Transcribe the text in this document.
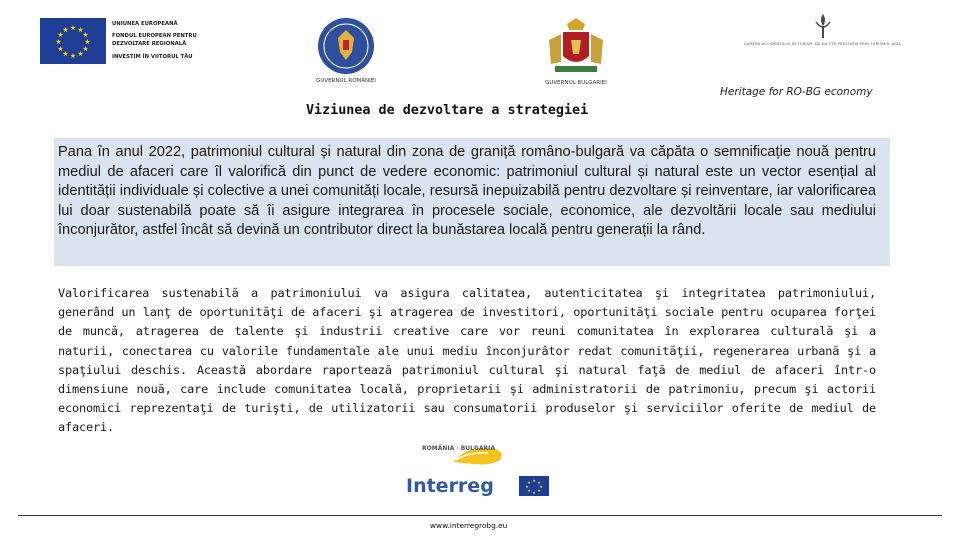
★ ★
★
★
★
★
★
★
★
★
★
★
UNIUNEA EUROPEANĂ
FONDUL EUROPEAN PENTRU
DEZVOLTARE REGIONALĂ
INVESTIM ÎN VIITORUL TĂU
GUVERNUL ROMÂNIEI	GUVERNUL BULGARIEI
CAMERA ACCIDENTULUI ÎN TURISM, DE NA STĂ PRESTAȚIA PRIN TURISMUL ARIA
Heritage for RO-BG economy
Viziunea de dezvoltare a strategiei
Pana în anul 2022, patrimoniul cultural și natural din zona de graniță româno-bulgară va căpăta o semnificație nouă pentru mediul de afaceri care îl valorifică din punct de vedere economic: patrimoniul cultural și natural este un vector esențial al identității individuale și colective a unei comunități locale, resursă inepuizabilă pentru dezvoltare și reinventare, iar valorificarea lui doar sustenabilă poate să îi asigure integrarea în procesele sociale, economice, ale dezvoltării locale sau mediului înconjurător, astfel încât să devină un contributor direct la bunăstarea locală pentru generații la rând.
Valorificarea sustenabilă a patrimoniului va asigura calitatea, autenticitatea şi integritatea patrimoniului, generând un lanţ de oportunităţi de afaceri şi atragerea de investitori, oportunităţi sociale pentru ocuparea forţei de muncă, atragerea de talente şi industrii creative care vor reuni comunitatea în explorarea culturală şi a naturii, conectarea cu valorile fundamentale ale unui mediu înconjurâtor redat comunităţii, regenerarea urbană şi a spaţiului deschis. Această abordare raportează patrimoniul cultural şi natural faţă de mediul de afaceri într-o dimensiune nouă, care include comunitatea locală, proprietarii şi administratorii de patrimoniu, precum şi actorii economici reprezentaţi de turişti, de utilizatorii sau consumatorii produselor şi serviciilor oferite de mediul de afaceri.
ROMÂNIA · BULGARIA
Interreg	★ ★
★
★
★
★
★
★
www.interregrobg.eu
